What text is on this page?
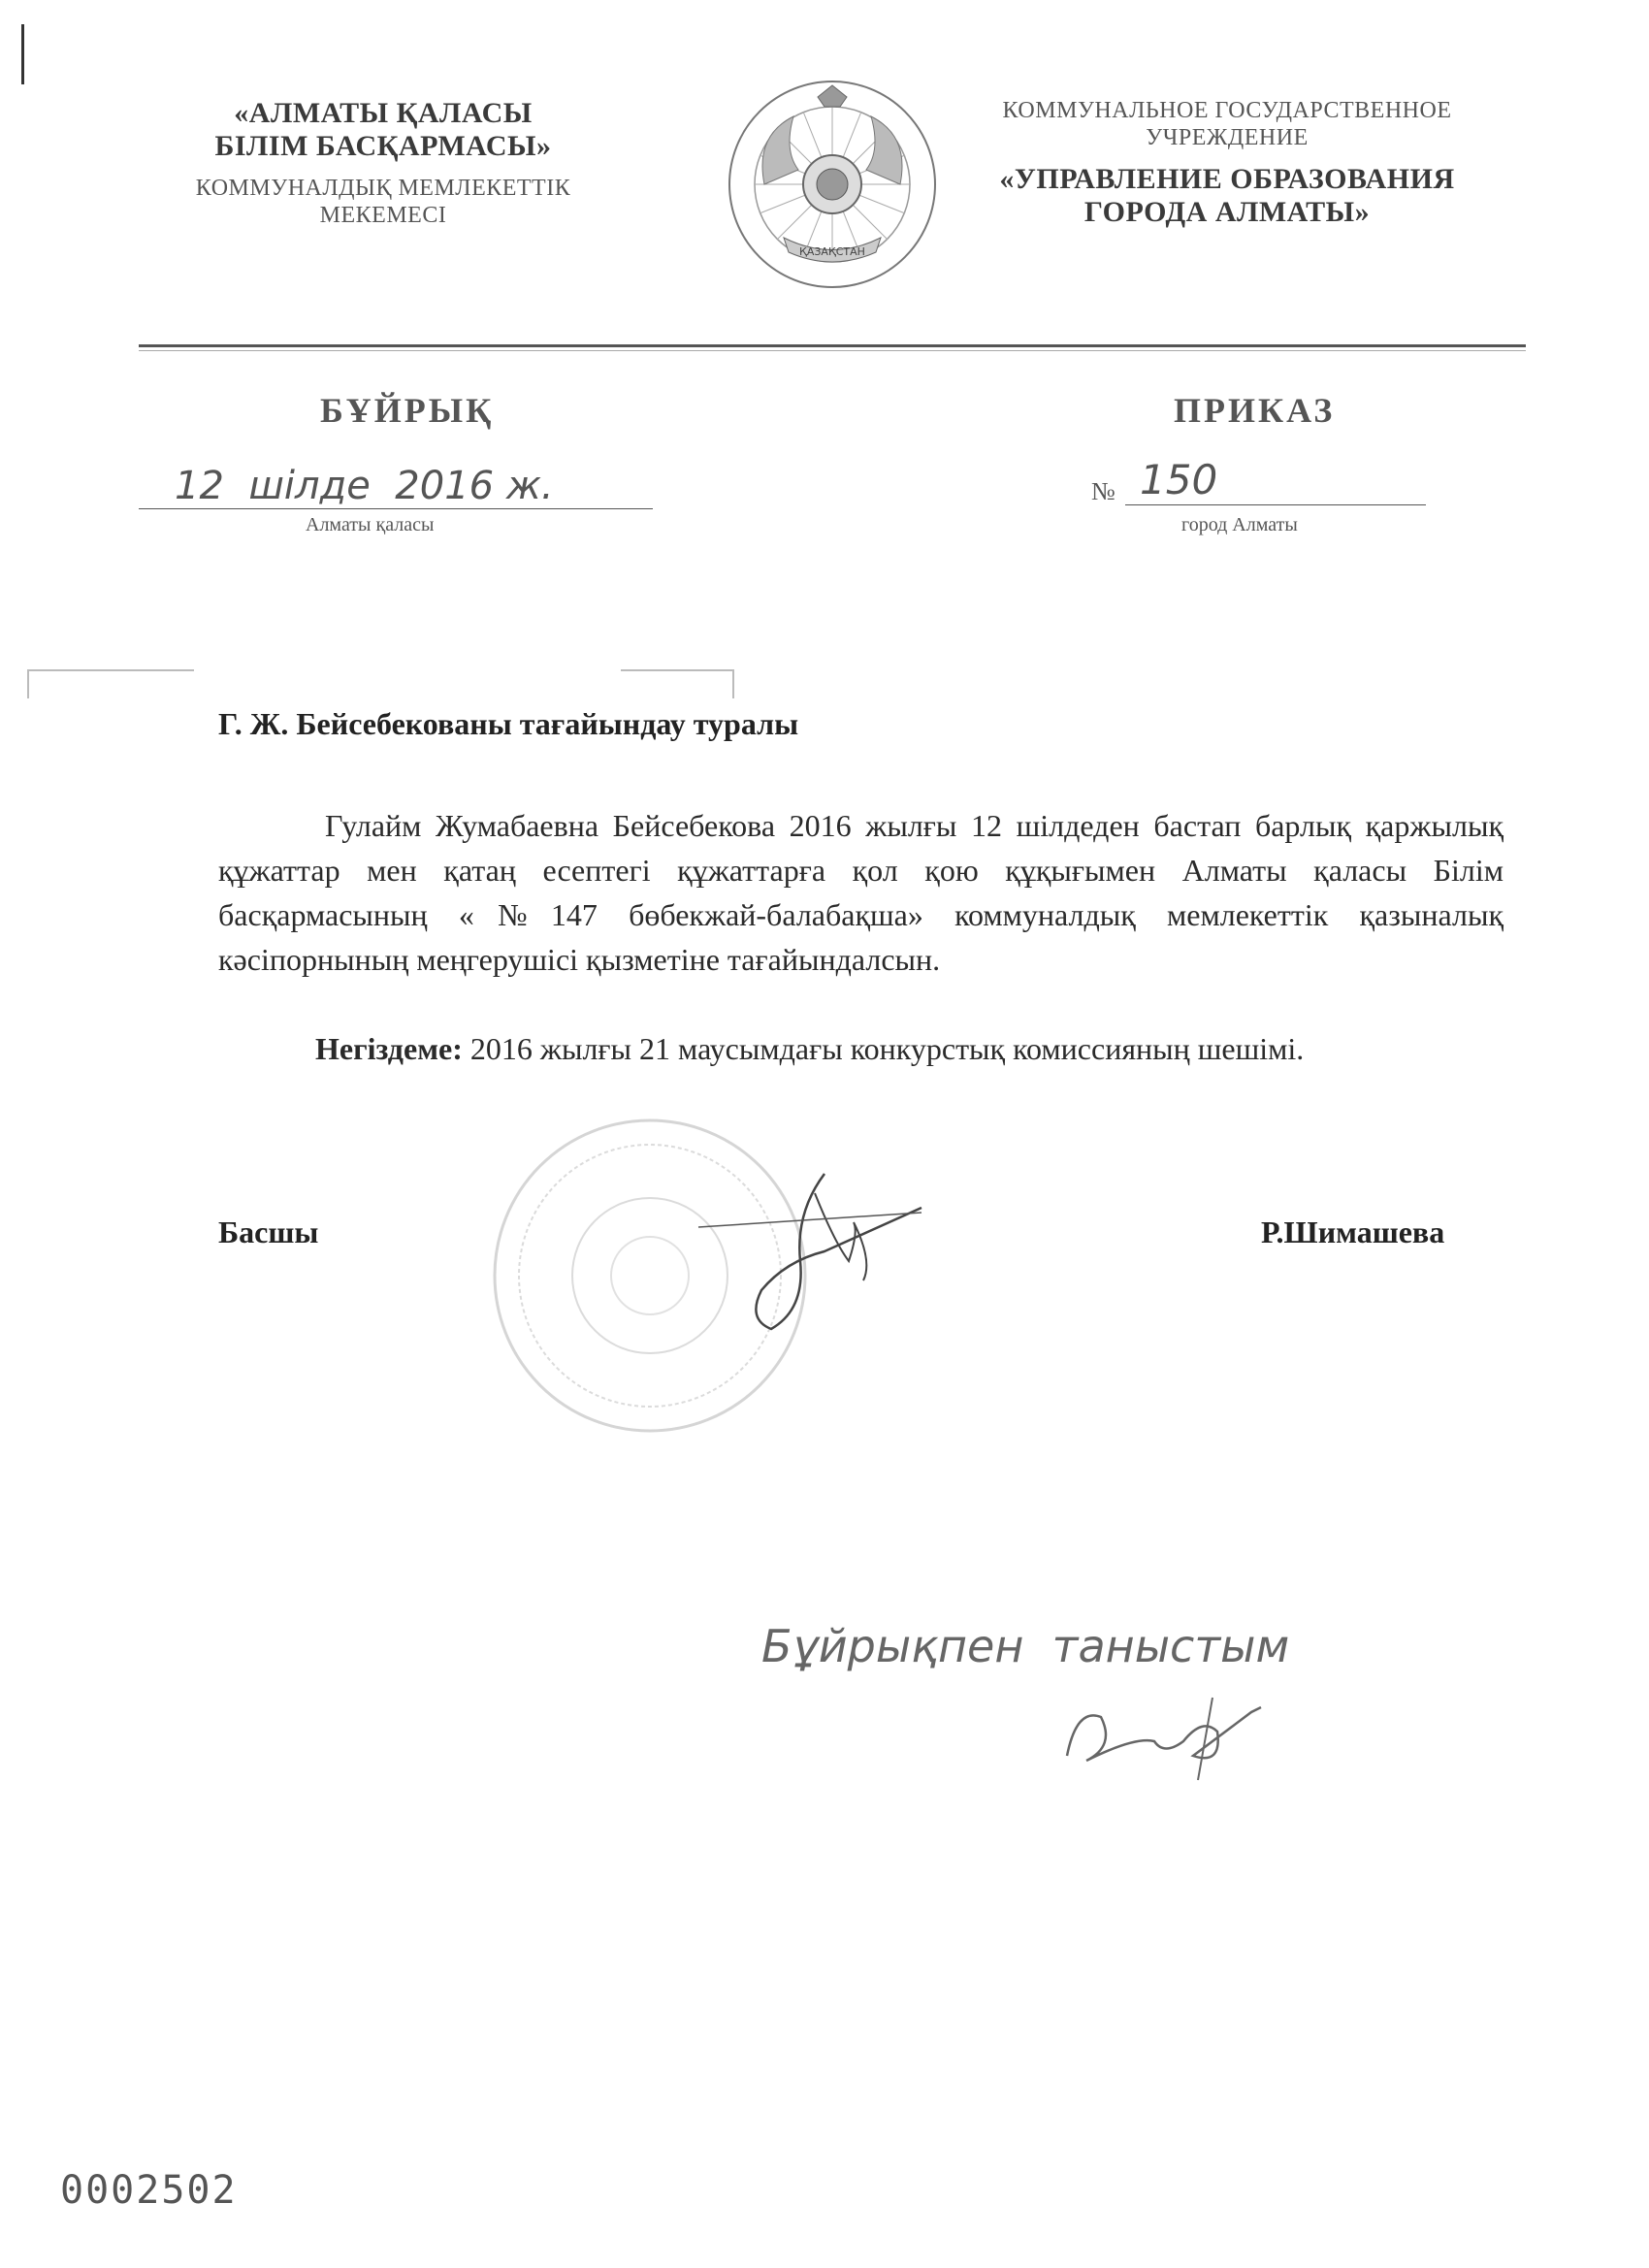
«АЛМАТЫ ҚАЛАСЫ
БІЛІМ БАСҚАРМАСЫ»
КОММУНАЛДЫҚ МЕМЛЕКЕТТІК
МЕКЕМЕСІ
ҚАЗАҚСТАН
КОММУНАЛЬНОЕ ГОСУДАРСТВЕННОЕ
УЧРЕЖДЕНИЕ
«УПРАВЛЕНИЕ ОБРАЗОВАНИЯ
ГОРОДА АЛМАТЫ»
БҰЙРЫҚ	ПРИКАЗ
12  шілде  2016 ж.
Алматы қаласы
№ 150
город Алматы
Г. Ж. Бейсебекованы тағайындау туралы
Гулайм Жумабаевна Бейсебекова 2016 жылғы 12 шілдеден бастап барлық қаржылық құжаттар мен қатаң есептегі құжаттарға қол қою құқығымен Алматы қаласы Білім басқармасының «№147 бөбекжай-балабақша» коммуналдық мемлекеттік қазыналық кәсіпорнының меңгерушісі қызметіне тағайындалсын.
Негіздеме: 2016 жылғы 21 маусымдағы конкурстық комиссияның шешімі.
Басшы	Р.Шимашева
Бұйрықпен  таныстым
0002502
